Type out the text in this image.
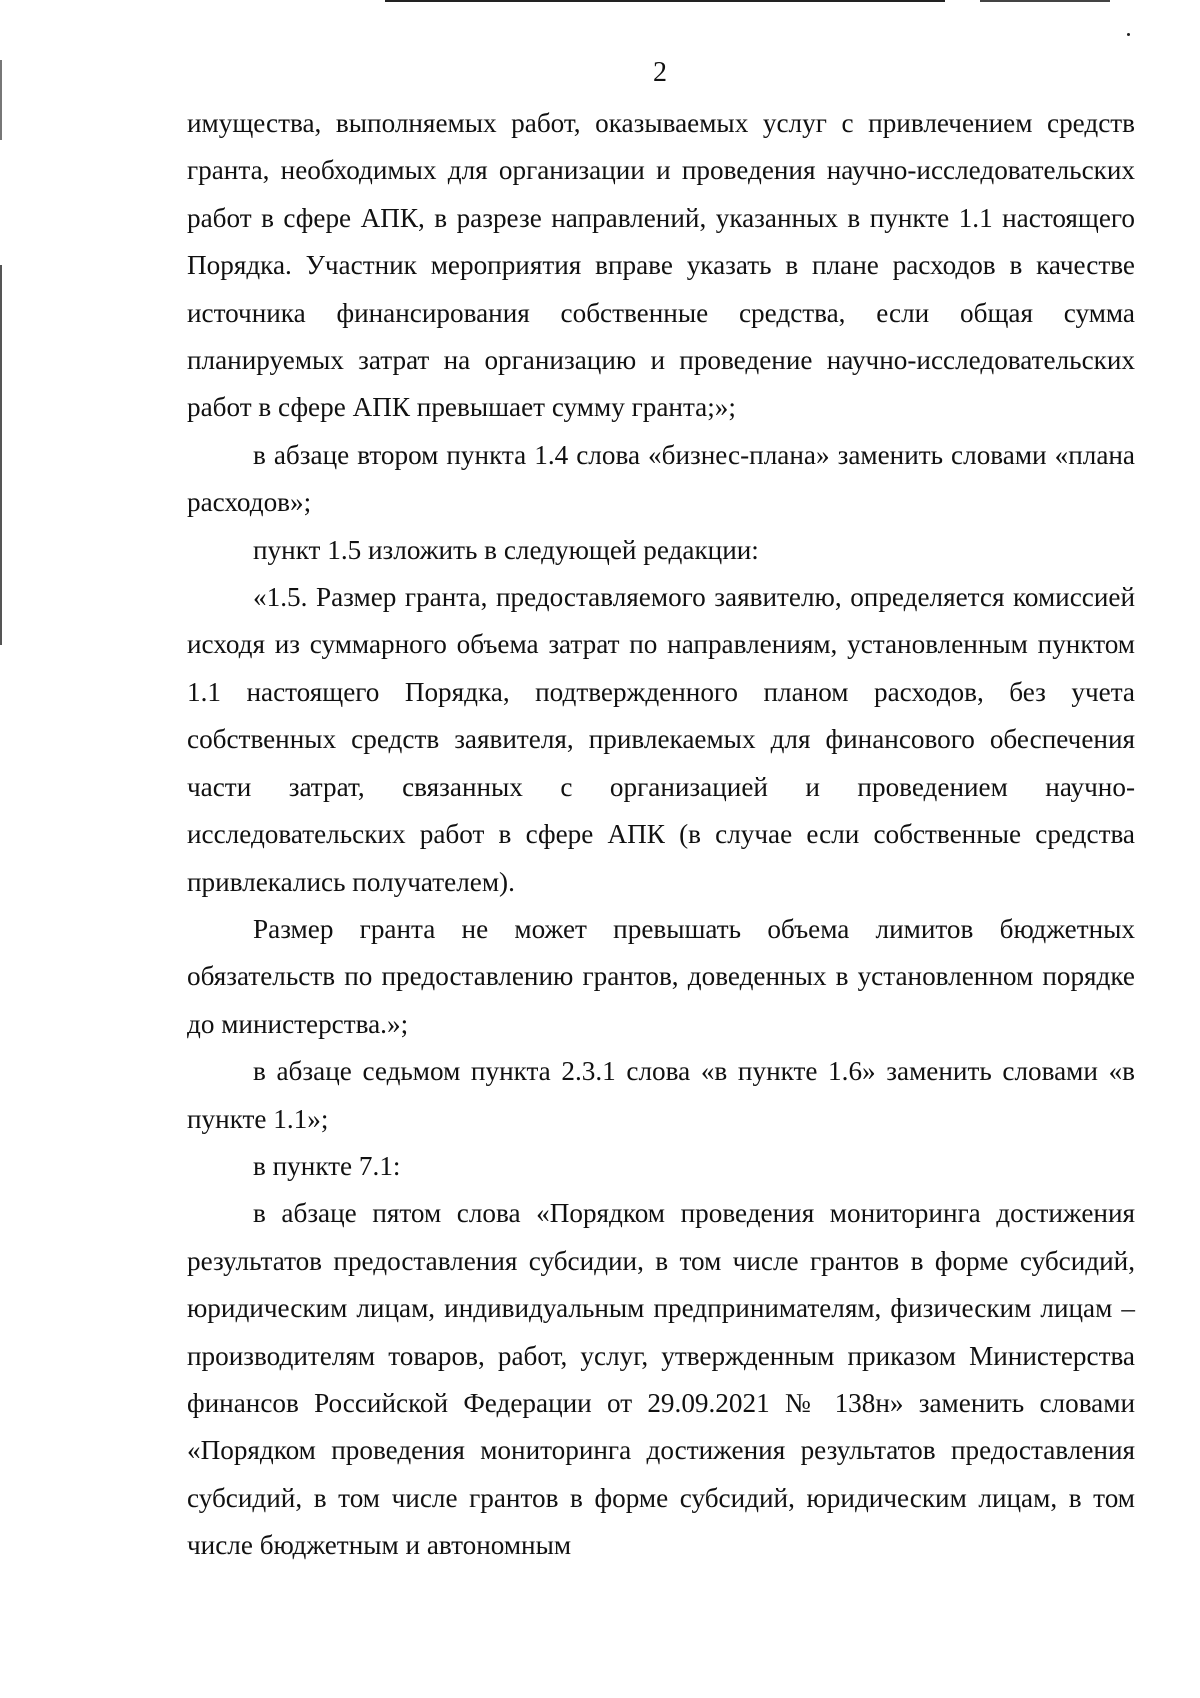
2

имущества, выполняемых работ, оказываемых услуг с привлечением средств гранта, необходимых для организации и проведения научно-исследовательских работ в сфере АПК, в разрезе направлений, указанных в пункте 1.1 настоящего Порядка. Участник мероприятия вправе указать в плане расходов в качестве источника финансирования собственные средства, если общая сумма планируемых затрат на организацию и проведение научно-исследовательских работ в сфере АПК превышает сумму гранта;»;

в абзаце втором пункта 1.4 слова «бизнес-плана» заменить словами «плана расходов»;

пункт 1.5 изложить в следующей редакции:

«1.5. Размер гранта, предоставляемого заявителю, определяется комиссией исходя из суммарного объема затрат по направлениям, установленным пунктом 1.1 настоящего Порядка, подтвержденного планом расходов, без учета собственных средств заявителя, привлекаемых для финансового обеспечения части затрат, связанных с организацией и проведением научно-исследовательских работ в сфере АПК (в случае если собственные средства привлекались получателем).

Размер гранта не может превышать объема лимитов бюджетных обязательств по предоставлению грантов, доведенных в установленном порядке до министерства.»;

в абзаце седьмом пункта 2.3.1 слова «в пункте 1.6» заменить словами «в пункте 1.1»;

в пункте 7.1:

в абзаце пятом слова «Порядком проведения мониторинга достижения результатов предоставления субсидии, в том числе грантов в форме субсидий, юридическим лицам, индивидуальным предпринимателям, физическим лицам – производителям товаров, работ, услуг, утвержденным приказом Министерства финансов Российской Федерации от 29.09.2021 № 138н» заменить словами «Порядком проведения мониторинга достижения результатов предоставления субсидий, в том числе грантов в форме субсидий, юридическим лицам, в том числе бюджетным и автономным
